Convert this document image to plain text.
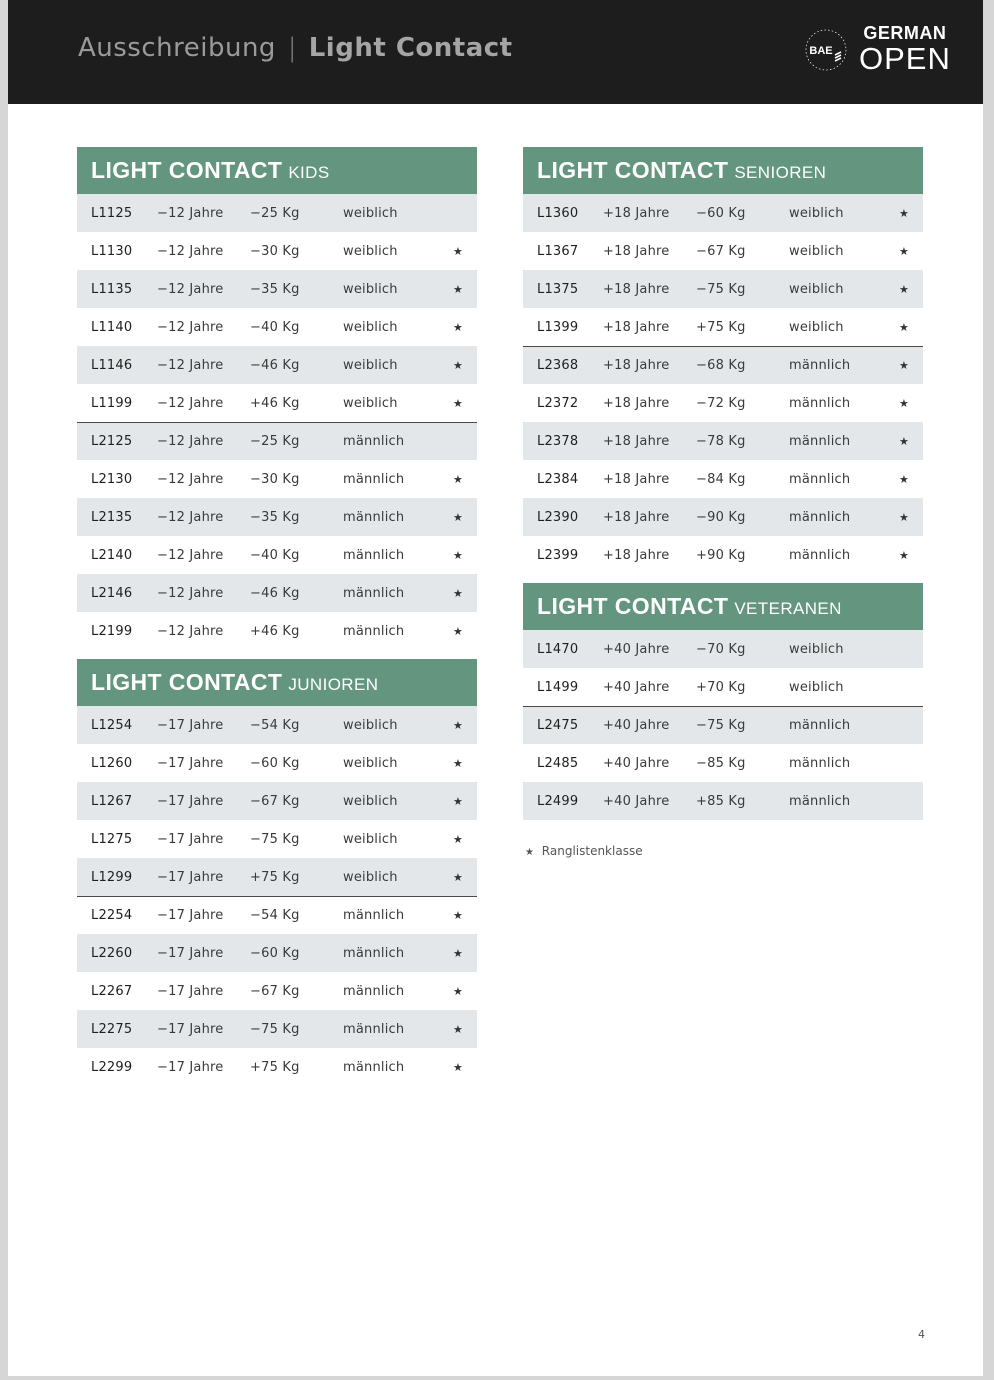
Ausschreibung | Light Contact	BAE
GERMAN
OPEN
LIGHT CONTACT KIDS
L1125	−12 Jahre	−25 Kg	weiblich
L1130	−12 Jahre	−30 Kg	weiblich	★
L1135	−12 Jahre	−35 Kg	weiblich	★
L1140	−12 Jahre	−40 Kg	weiblich	★
L1146	−12 Jahre	−46 Kg	weiblich	★
L1199	−12 Jahre	+46 Kg	weiblich	★
L2125	−12 Jahre	−25 Kg	männlich
L2130	−12 Jahre	−30 Kg	männlich	★
L2135	−12 Jahre	−35 Kg	männlich	★
L2140	−12 Jahre	−40 Kg	männlich	★
L2146	−12 Jahre	−46 Kg	männlich	★
L2199	−12 Jahre	+46 Kg	männlich	★
LIGHT CONTACT JUNIOREN
L1254	−17 Jahre	−54 Kg	weiblich	★
L1260	−17 Jahre	−60 Kg	weiblich	★
L1267	−17 Jahre	−67 Kg	weiblich	★
L1275	−17 Jahre	−75 Kg	weiblich	★
L1299	−17 Jahre	+75 Kg	weiblich	★
L2254	−17 Jahre	−54 Kg	männlich	★
L2260	−17 Jahre	−60 Kg	männlich	★
L2267	−17 Jahre	−67 Kg	männlich	★
L2275	−17 Jahre	−75 Kg	männlich	★
L2299	−17 Jahre	+75 Kg	männlich	★
LIGHT CONTACT SENIOREN
L1360	+18 Jahre	−60 Kg	weiblich	★
L1367	+18 Jahre	−67 Kg	weiblich	★
L1375	+18 Jahre	−75 Kg	weiblich	★
L1399	+18 Jahre	+75 Kg	weiblich	★
L2368	+18 Jahre	−68 Kg	männlich	★
L2372	+18 Jahre	−72 Kg	männlich	★
L2378	+18 Jahre	−78 Kg	männlich	★
L2384	+18 Jahre	−84 Kg	männlich	★
L2390	+18 Jahre	−90 Kg	männlich	★
L2399	+18 Jahre	+90 Kg	männlich	★
LIGHT CONTACT VETERANEN
L1470	+40 Jahre	−70 Kg	weiblich
L1499	+40 Jahre	+70 Kg	weiblich
L2475	+40 Jahre	−75 Kg	männlich
L2485	+40 Jahre	−85 Kg	männlich
L2499	+40 Jahre	+85 Kg	männlich
★ Ranglistenklasse
4
